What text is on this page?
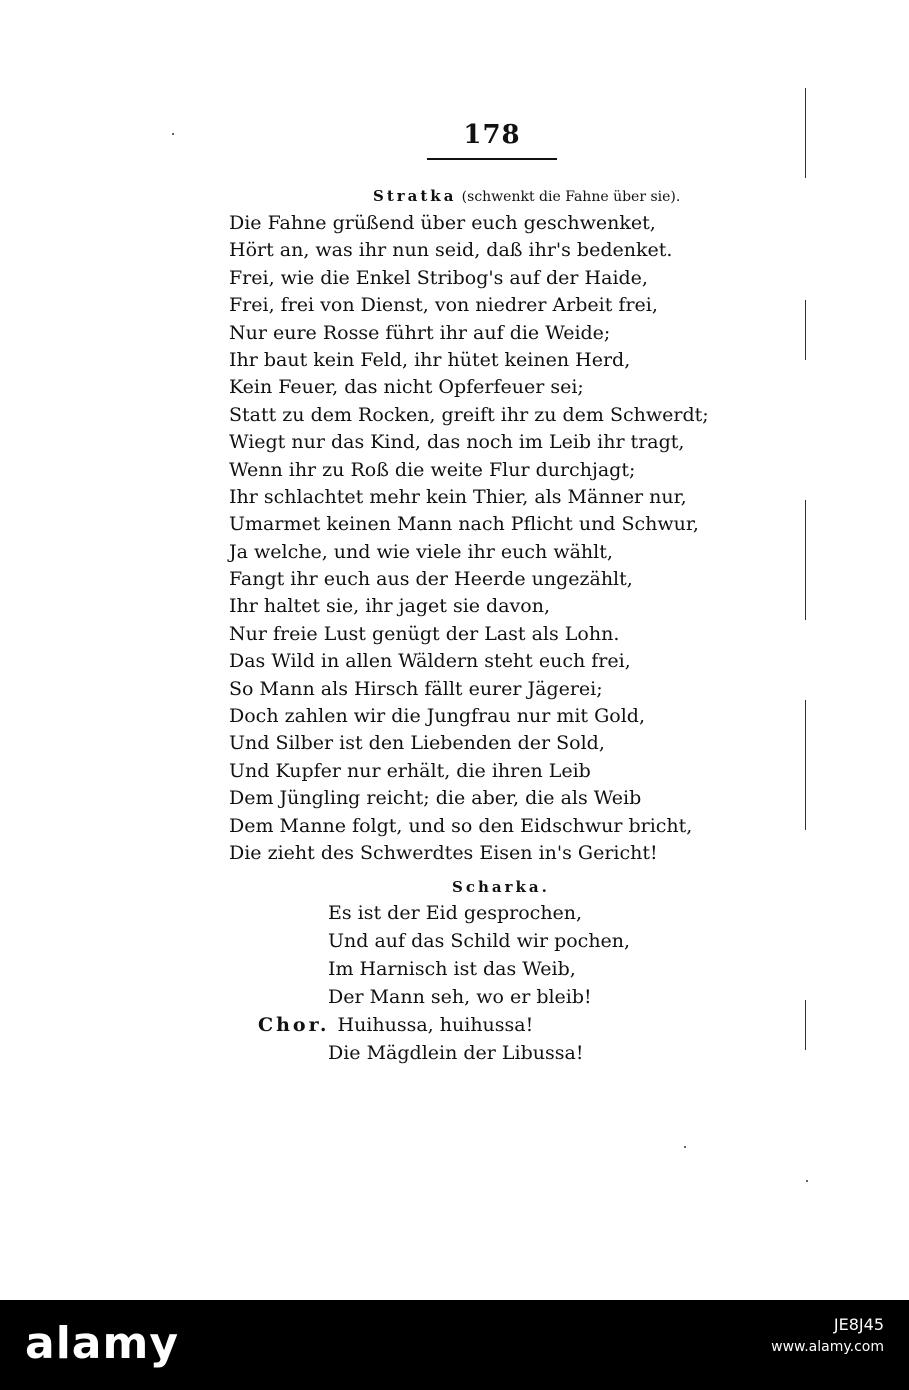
178
Stratka (schwenkt die Fahne über sie).
Die Fahne grüßend über euch geschwenket,
Hört an, was ihr nun seid, daß ihr's bedenket.
Frei, wie die Enkel Stribog's auf der Haide,
Frei, frei von Dienst, von niedrer Arbeit frei,
Nur eure Rosse führt ihr auf die Weide;
Ihr baut kein Feld, ihr hütet keinen Herd,
Kein Feuer, das nicht Opferfeuer sei;
Statt zu dem Rocken, greift ihr zu dem Schwerdt;
Wiegt nur das Kind, das noch im Leib ihr tragt,
Wenn ihr zu Roß die weite Flur durchjagt;
Ihr schlachtet mehr kein Thier, als Männer nur,
Umarmet keinen Mann nach Pflicht und Schwur,
Ja welche, und wie viele ihr euch wählt,
Fangt ihr euch aus der Heerde ungezählt,
Ihr haltet sie, ihr jaget sie davon,
Nur freie Lust genügt der Last als Lohn.
Das Wild in allen Wäldern steht euch frei,
So Mann als Hirsch fällt eurer Jägerei;
Doch zahlen wir die Jungfrau nur mit Gold,
Und Silber ist den Liebenden der Sold,
Und Kupfer nur erhält, die ihren Leib
Dem Jüngling reicht; die aber, die als Weib
Dem Manne folgt, und so den Eidschwur bricht,
Die zieht des Schwerdtes Eisen in's Gericht!
Scharka.
Es ist der Eid gesprochen,
Und auf das Schild wir pochen,
Im Harnisch ist das Weib,
Der Mann seh, wo er bleib!
Chor. Huihussa, huihussa!
Die Mägdlein der Libussa!
alamy	JE8J45
www.alamy.com
